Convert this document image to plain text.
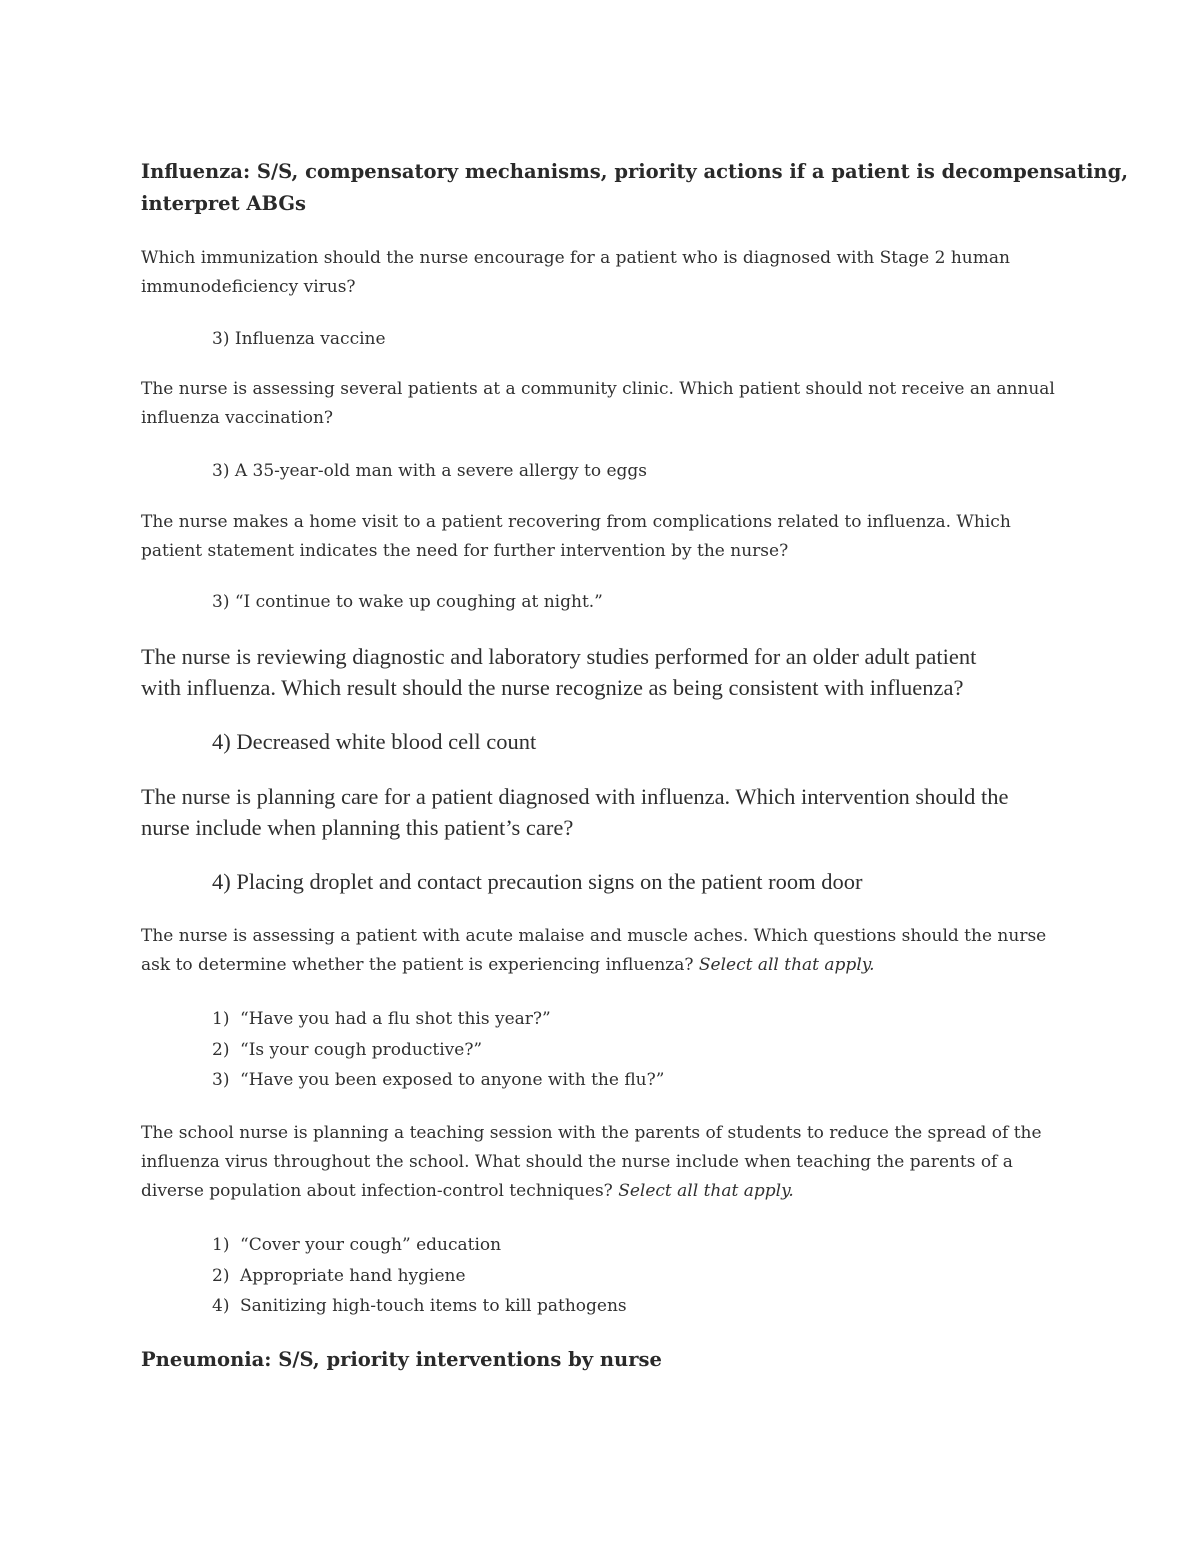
Influenza: S/S, compensatory mechanisms, priority actions if a patient is decompensating,

interpret ABGs

Which immunization should the nurse encourage for a patient who is diagnosed with Stage 2 human

immunodeficiency virus?

3) Influenza vaccine

The nurse is assessing several patients at a community clinic. Which patient should not receive an annual

influenza vaccination?

3) A 35-year-old man with a severe allergy to eggs

The nurse makes a home visit to a patient recovering from complications related to influenza. Which

patient statement indicates the need for further intervention by the nurse?

3) “I continue to wake up coughing at night.”

The nurse is reviewing diagnostic and laboratory studies performed for an older adult patient

with influenza. Which result should the nurse recognize as being consistent with influenza?

4) Decreased white blood cell count

The nurse is planning care for a patient diagnosed with influenza. Which intervention should the

nurse include when planning this patient’s care?

4) Placing droplet and contact precaution signs on the patient room door

The nurse is assessing a patient with acute malaise and muscle aches. Which questions should the nurse

ask to determine whether the patient is experiencing influenza? Select all that apply.

1) “Have you had a flu shot this year?”
2) “Is your cough productive?”
3) “Have you been exposed to anyone with the flu?”

The school nurse is planning a teaching session with the parents of students to reduce the spread of the

influenza virus throughout the school. What should the nurse include when teaching the parents of a

diverse population about infection-control techniques? Select all that apply.

1) “Cover your cough” education
2) Appropriate hand hygiene
4) Sanitizing high-touch items to kill pathogens

Pneumonia: S/S, priority interventions by nurse
